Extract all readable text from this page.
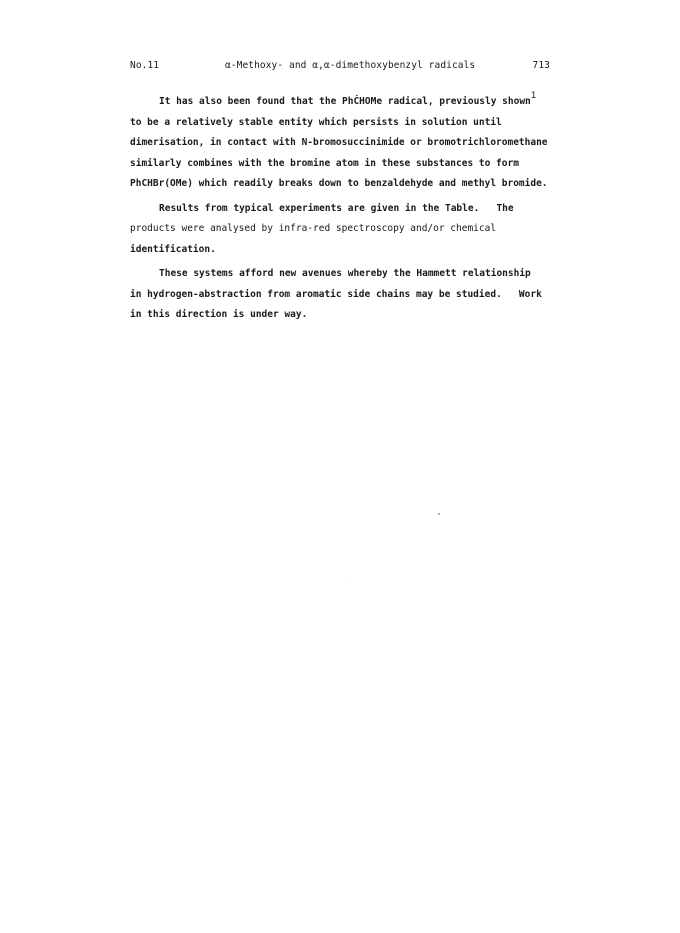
No.11	α-Methoxy- and α,α-dimethoxybenzyl radicals	713
It has also been found that the PhĊHOMe radical, previously shown1
to be a relatively stable entity which persists in solution until
dimerisation, in contact with N-bromosuccinimide or bromotrichloromethane
similarly combines with the bromine atom in these substances to form
PhCHBr(OMe) which readily breaks down to benzaldehyde and methyl bromide.
Results from typical experiments are given in the Table.   The
products were analysed by infra-red spectroscopy and/or chemical
identification.
These systems afford new avenues whereby the Hammett relationship
in hydrogen-abstraction from aromatic side chains may be studied.   Work
in this direction is under way.
